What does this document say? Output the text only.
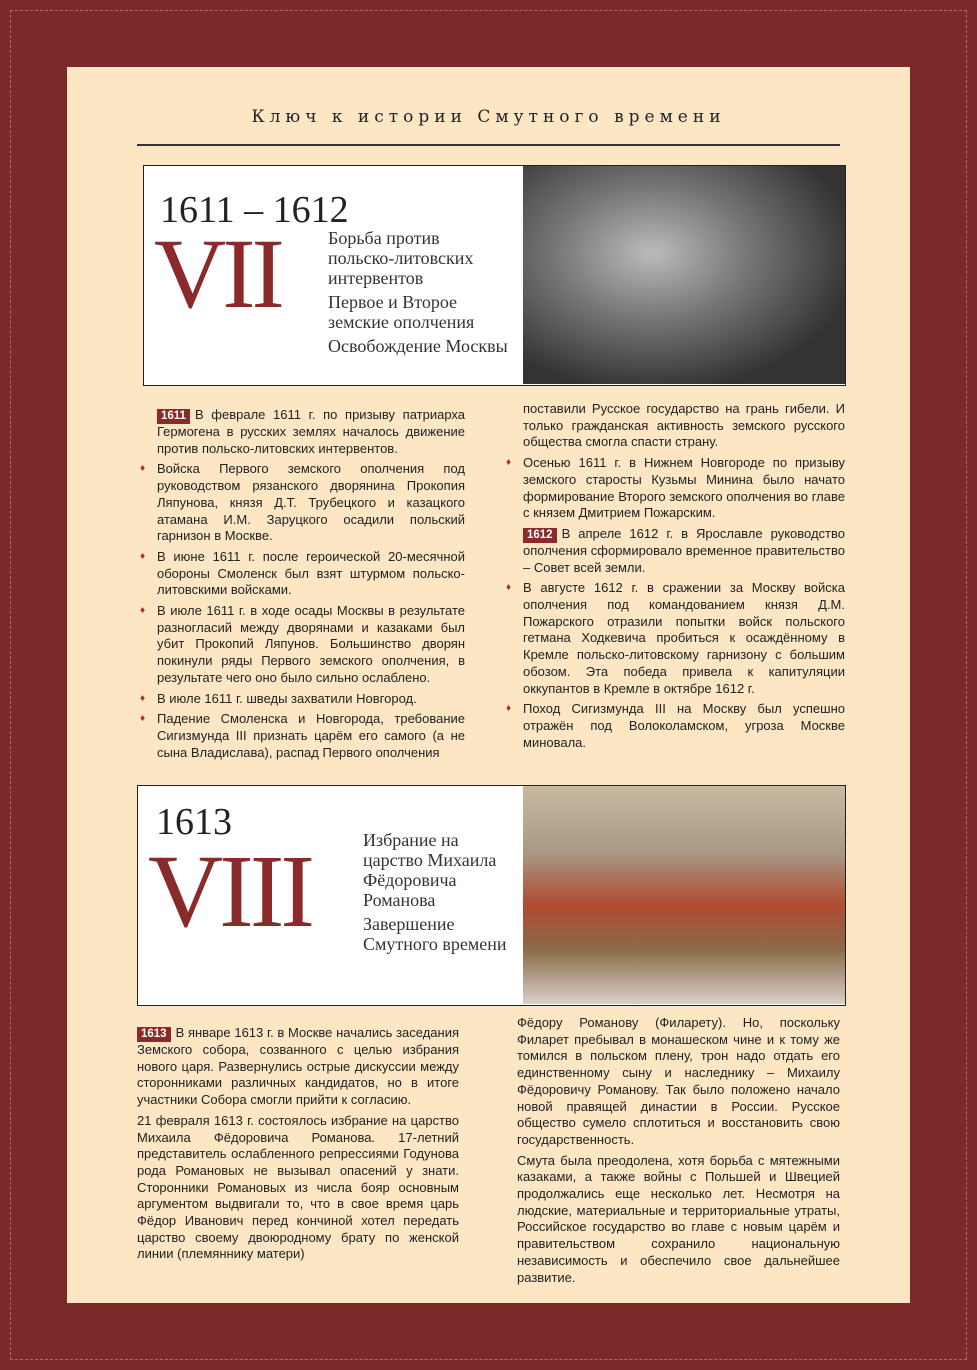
Ключ к истории Смутного времени
1611 – 1612
VII	Борьба против польско-литовских интервентов

Первое и Второе земские ополчения

Освобождение Москвы

1611 В феврале 1611 г. по призыву патриарха Гермогена в русских землях началось движение против польско-литовских интервентов.

♦ Войска Первого земского ополчения под руководством рязанского дворянина Прокопия Ляпунова, князя Д.Т. Трубецкого и казацкого атамана И.М. Заруцкого осадили польский гарнизон в Москве.

♦ В июне 1611 г. после героической 20-месячной обороны Смоленск был взят штурмом польско-литовскими войсками.

♦ В июле 1611 г. в ходе осады Москвы в результате разногласий между дворянами и казаками был убит Прокопий Ляпунов. Большинство дворян покинули ряды Первого земского ополчения, в результате чего оно было сильно ослаблено.

♦ В июле 1611 г. шведы захватили Новгород.

♦ Падение Смоленска и Новгорода, требование Сигизмунда III признать царём его самого (а не сына Владислава), распад Первого ополчения

поставили Русское государство на грань гибели. И только гражданская активность земского русского общества смогла спасти страну.

♦ Осенью 1611 г. в Нижнем Новгороде по призыву земского старосты Кузьмы Минина было начато формирование Второго земского ополчения во главе с князем Дмитрием Пожарским.

1612 В апреле 1612 г. в Ярославле руководство ополчения сформировало временное правительство – Совет всей земли.

♦ В августе 1612 г. в сражении за Москву войска ополчения под командованием князя Д.М. Пожарского отразили попытки войск польского гетмана Ходкевича пробиться к осаждённому в Кремле польско-литовскому гарнизону с большим обозом. Эта победа привела к капитуляции оккупантов в Кремле в октябре 1612 г.

♦ Поход Сигизмунда III на Москву был успешно отражён под Волоколамском, угроза Москве миновала.

1613
VIII	Избрание на царство Михаила Фёдоровича Романова

Завершение Смутного времени

1613 В январе 1613 г. в Москве начались заседания Земского собора, созванного с целью избрания нового царя. Развернулись острые дискуссии между сторонниками различных кандидатов, но в итоге участники Собора смогли прийти к согласию.

21 февраля 1613 г. состоялось избрание на царство Михаила Фёдоровича Романова. 17-летний представитель ослабленного репрессиями Годунова рода Романовых не вызывал опасений у знати. Сторонники Романовых из числа бояр основным аргументом выдвигали то, что в свое время царь Фёдор Иванович перед кончиной хотел передать царство своему двоюродному брату по женской линии (племяннику матери)

Фёдору Романову (Филарету). Но, поскольку Филарет пребывал в монашеском чине и к тому же томился в польском плену, трон надо отдать его единственному сыну и наследнику – Михаилу Фёдоровичу Романову. Так было положено начало новой правящей династии в России. Русское общество сумело сплотиться и восстановить свою государственность.

Смута была преодолена, хотя борьба с мятежными казаками, а также войны с Польшей и Швецией продолжались еще несколько лет. Несмотря на людские, материальные и территориальные утраты, Российское государство во главе с новым царём и правительством сохранило национальную независимость и обеспечило свое дальнейшее развитие.
